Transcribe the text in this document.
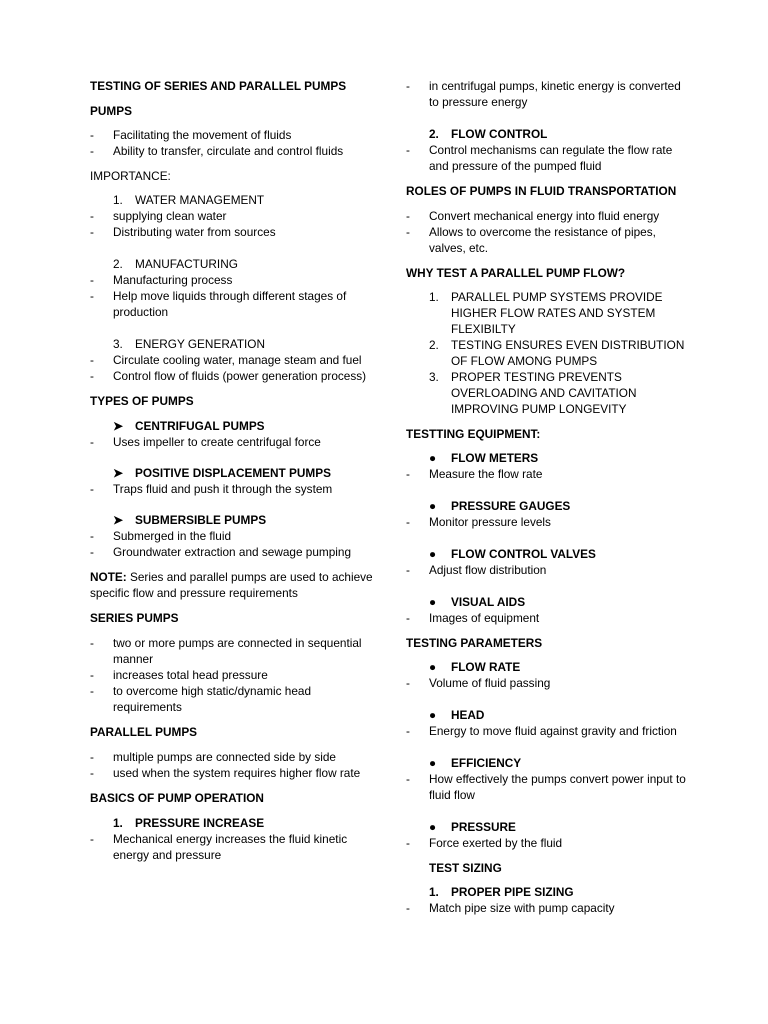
TESTING OF SERIES AND PARALLEL PUMPS
PUMPS
- Facilitating the movement of fluids
- Ability to transfer, circulate and control fluids
IMPORTANCE:
1.	WATER MANAGEMENT
- supplying clean water
- Distributing water from sources
2.	MANUFACTURING
- Manufacturing process
- Help move liquids through different stages of production
3.	ENERGY GENERATION
- Circulate cooling water, manage steam and fuel
- Control flow of fluids (power generation process)
TYPES OF PUMPS
➤ CENTRIFUGAL PUMPS
- Uses impeller to create centrifugal force
➤ POSITIVE DISPLACEMENT PUMPS
- Traps fluid and push it through the system
➤ SUBMERSIBLE PUMPS
- Submerged in the fluid
- Groundwater extraction and sewage pumping

NOTE: Series and parallel pumps are used to achieve specific flow and pressure requirements

SERIES PUMPS
- two or more pumps are connected in sequential manner
- increases total head pressure
- to overcome high static/dynamic head requirements
PARALLEL PUMPS
- multiple pumps are connected side by side
- used when the system requires higher flow rate
BASICS OF PUMP OPERATION
1.	PRESSURE INCREASE
- Mechanical energy increases the fluid kinetic energy and pressure
- in centrifugal pumps, kinetic energy is converted to pressure energy
2.	FLOW CONTROL
- Control mechanisms can regulate the flow rate and pressure of the pumped fluid
ROLES OF PUMPS IN FLUID TRANSPORTATION
- Convert mechanical energy into fluid energy
- Allows to overcome the resistance of pipes, valves, etc.
WHY TEST A PARALLEL PUMP FLOW?
1. PARALLEL PUMP SYSTEMS PROVIDE HIGHER FLOW RATES AND SYSTEM FLEXIBILTY
2. TESTING ENSURES EVEN DISTRIBUTION OF FLOW AMONG PUMPS
3. PROPER TESTING PREVENTS OVERLOADING AND CAVITATION IMPROVING PUMP LONGEVITY
TESTTING EQUIPMENT:
● FLOW METERS
- Measure the flow rate
● PRESSURE GAUGES
- Monitor pressure levels
● FLOW CONTROL VALVES
- Adjust flow distribution
● VISUAL AIDS
- Images of equipment
TESTING PARAMETERS
● FLOW RATE
- Volume of fluid passing
● HEAD
- Energy to move fluid against gravity and friction
● EFFICIENCY
- How effectively the pumps convert power input to fluid flow
● PRESSURE
- Force exerted by the fluid
TEST SIZING
1.	PROPER PIPE SIZING
- Match pipe size with pump capacity
